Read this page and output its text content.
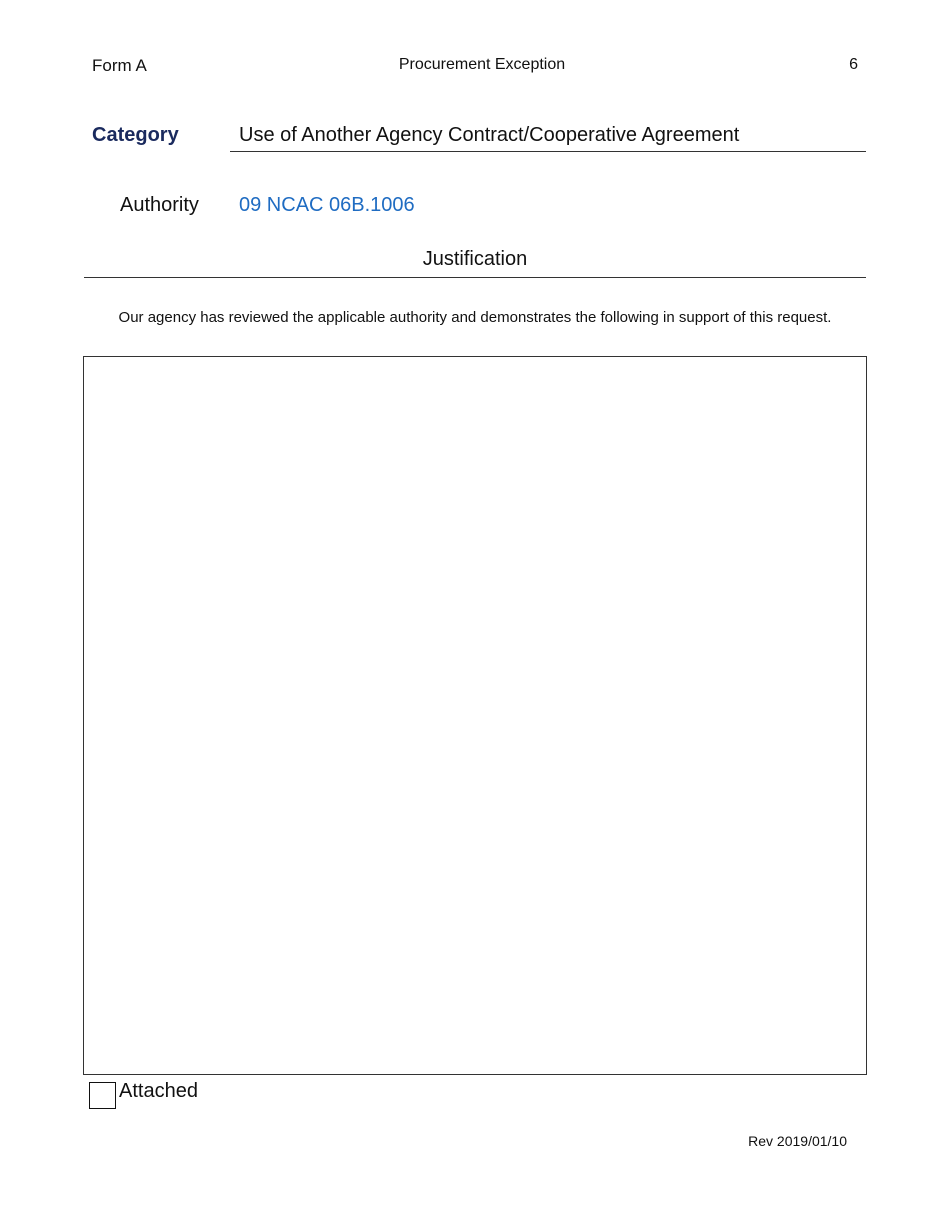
Form A	Procurement Exception	6
Category	Use of Another Agency Contract/Cooperative Agreement
Authority 09 NCAC 06B.1006
Justification
Our agency has reviewed the applicable authority and demonstrates the following in support of this request.
Attached
Rev 2019/01/10
